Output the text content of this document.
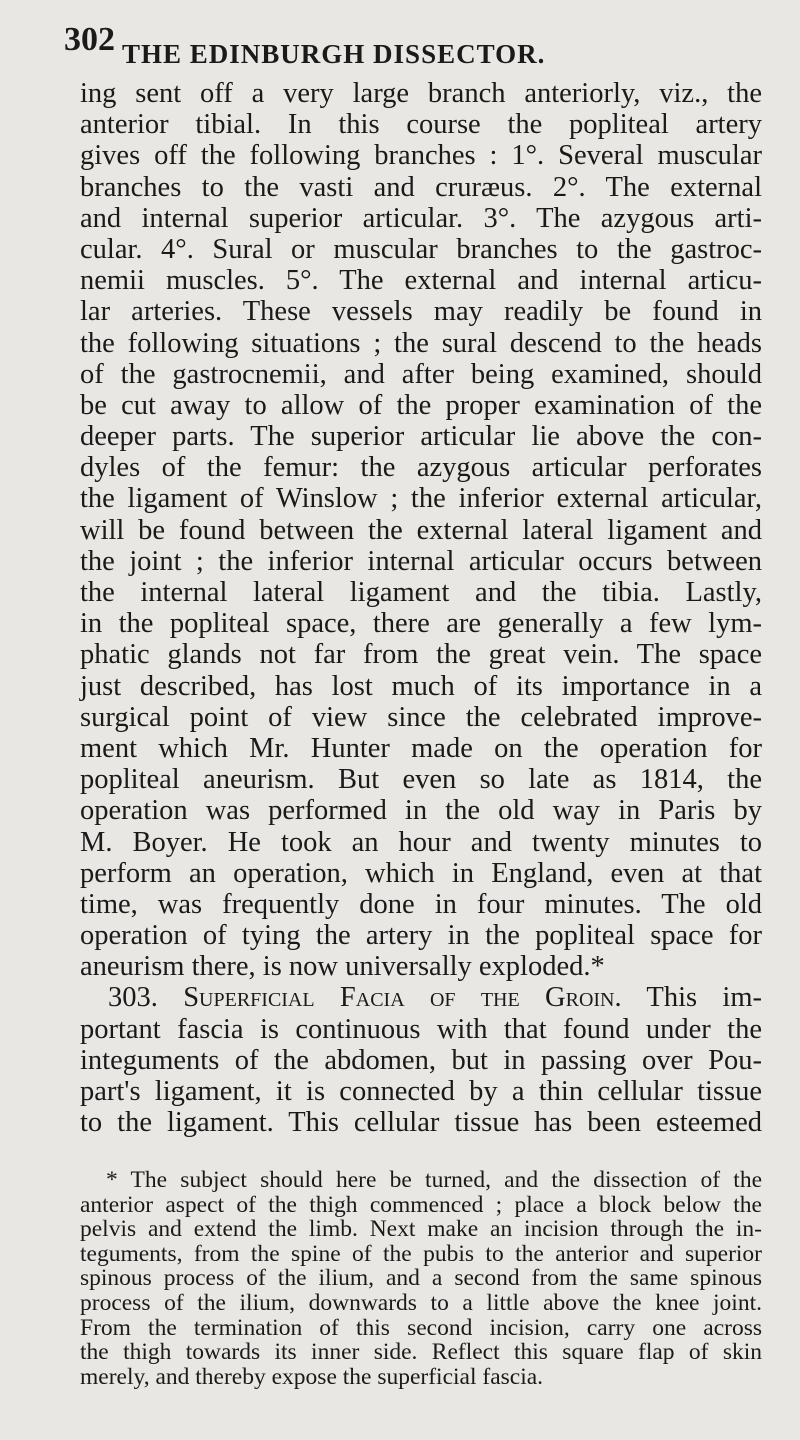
302 THE EDINBURGH DISSECTOR.
ing sent off a very large branch anteriorly, viz., the
anterior tibial. In this course the popliteal artery
gives off the following branches : 1°. Several muscular
branches to the vasti and cruræus. 2°. The external
and internal superior articular. 3°. The azygous arti-
cular. 4°. Sural or muscular branches to the gastroc-
nemii muscles. 5°. The external and internal articu-
lar arteries. These vessels may readily be found in
the following situations ; the sural descend to the heads
of the gastrocnemii, and after being examined, should
be cut away to allow of the proper examination of the
deeper parts. The superior articular lie above the con-
dyles of the femur: the azygous articular perforates
the ligament of Winslow ; the inferior external articular,
will be found between the external lateral ligament and
the joint ; the inferior internal articular occurs between
the internal lateral ligament and the tibia. Lastly,
in the popliteal space, there are generally a few lym-
phatic glands not far from the great vein. The space
just described, has lost much of its importance in a
surgical point of view since the celebrated improve-
ment which Mr. Hunter made on the operation for
popliteal aneurism. But even so late as 1814, the
operation was performed in the old way in Paris by
M. Boyer. He took an hour and twenty minutes to
perform an operation, which in England, even at that
time, was frequently done in four minutes. The old
operation of tying the artery in the popliteal space for
aneurism there, is now universally exploded.*
303. Superficial Facia of the Groin. This im-
portant fascia is continuous with that found under the
integuments of the abdomen, but in passing over Pou-
part's ligament, it is connected by a thin cellular tissue
to the ligament. This cellular tissue has been esteemed
* The subject should here be turned, and the dissection of the
anterior aspect of the thigh commenced ; place a block below the
pelvis and extend the limb. Next make an incision through the in-
teguments, from the spine of the pubis to the anterior and superior
spinous process of the ilium, and a second from the same spinous
process of the ilium, downwards to a little above the knee joint.
From the termination of this second incision, carry one across
the thigh towards its inner side. Reflect this square flap of skin
merely, and thereby expose the superficial fascia.
